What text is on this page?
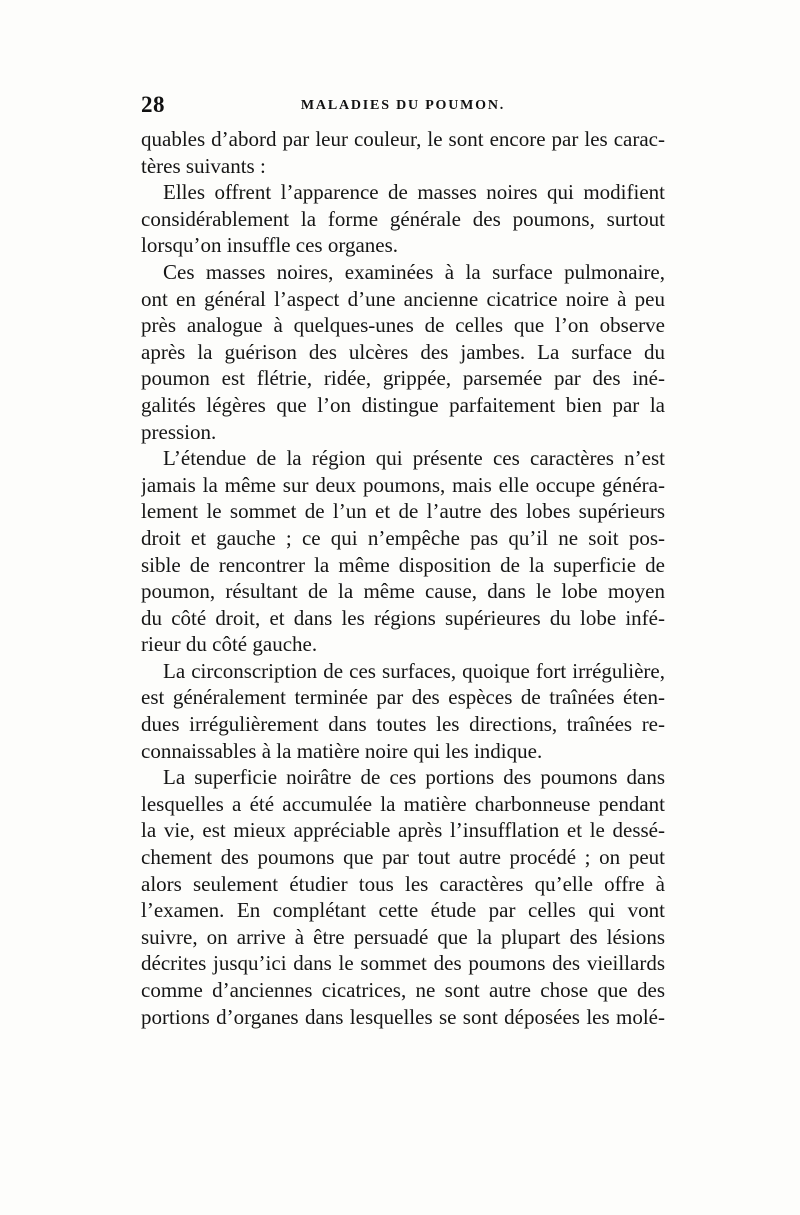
28	MALADIES DU POUMON.
quables d’abord par leur couleur, le sont encore par les carac-
tères suivants :
Elles offrent l’apparence de masses noires qui modifient
considérablement la forme générale des poumons, surtout
lorsqu’on insuffle ces organes.
Ces masses noires, examinées à la surface pulmonaire,
ont en général l’aspect d’une ancienne cicatrice noire à peu
près analogue à quelques-unes de celles que l’on observe
après la guérison des ulcères des jambes. La surface du
poumon est flétrie, ridée, grippée, parsemée par des iné-
galités légères que l’on distingue parfaitement bien par la
pression.
L’étendue de la région qui présente ces caractères n’est
jamais la même sur deux poumons, mais elle occupe généra-
lement le sommet de l’un et de l’autre des lobes supérieurs
droit et gauche ; ce qui n’empêche pas qu’il ne soit pos-
sible de rencontrer la même disposition de la superficie de
poumon, résultant de la même cause, dans le lobe moyen
du côté droit, et dans les régions supérieures du lobe infé-
rieur du côté gauche.
La circonscription de ces surfaces, quoique fort irrégulière,
est généralement terminée par des espèces de traînées éten-
dues irrégulièrement dans toutes les directions, traînées re-
connaissables à la matière noire qui les indique.
La superficie noirâtre de ces portions des poumons dans
lesquelles a été accumulée la matière charbonneuse pendant
la vie, est mieux appréciable après l’insufflation et le dessé-
chement des poumons que par tout autre procédé ; on peut
alors seulement étudier tous les caractères qu’elle offre à
l’examen. En complétant cette étude par celles qui vont
suivre, on arrive à être persuadé que la plupart des lésions
décrites jusqu’ici dans le sommet des poumons des vieillards
comme d’anciennes cicatrices, ne sont autre chose que des
portions d’organes dans lesquelles se sont déposées les molé-
